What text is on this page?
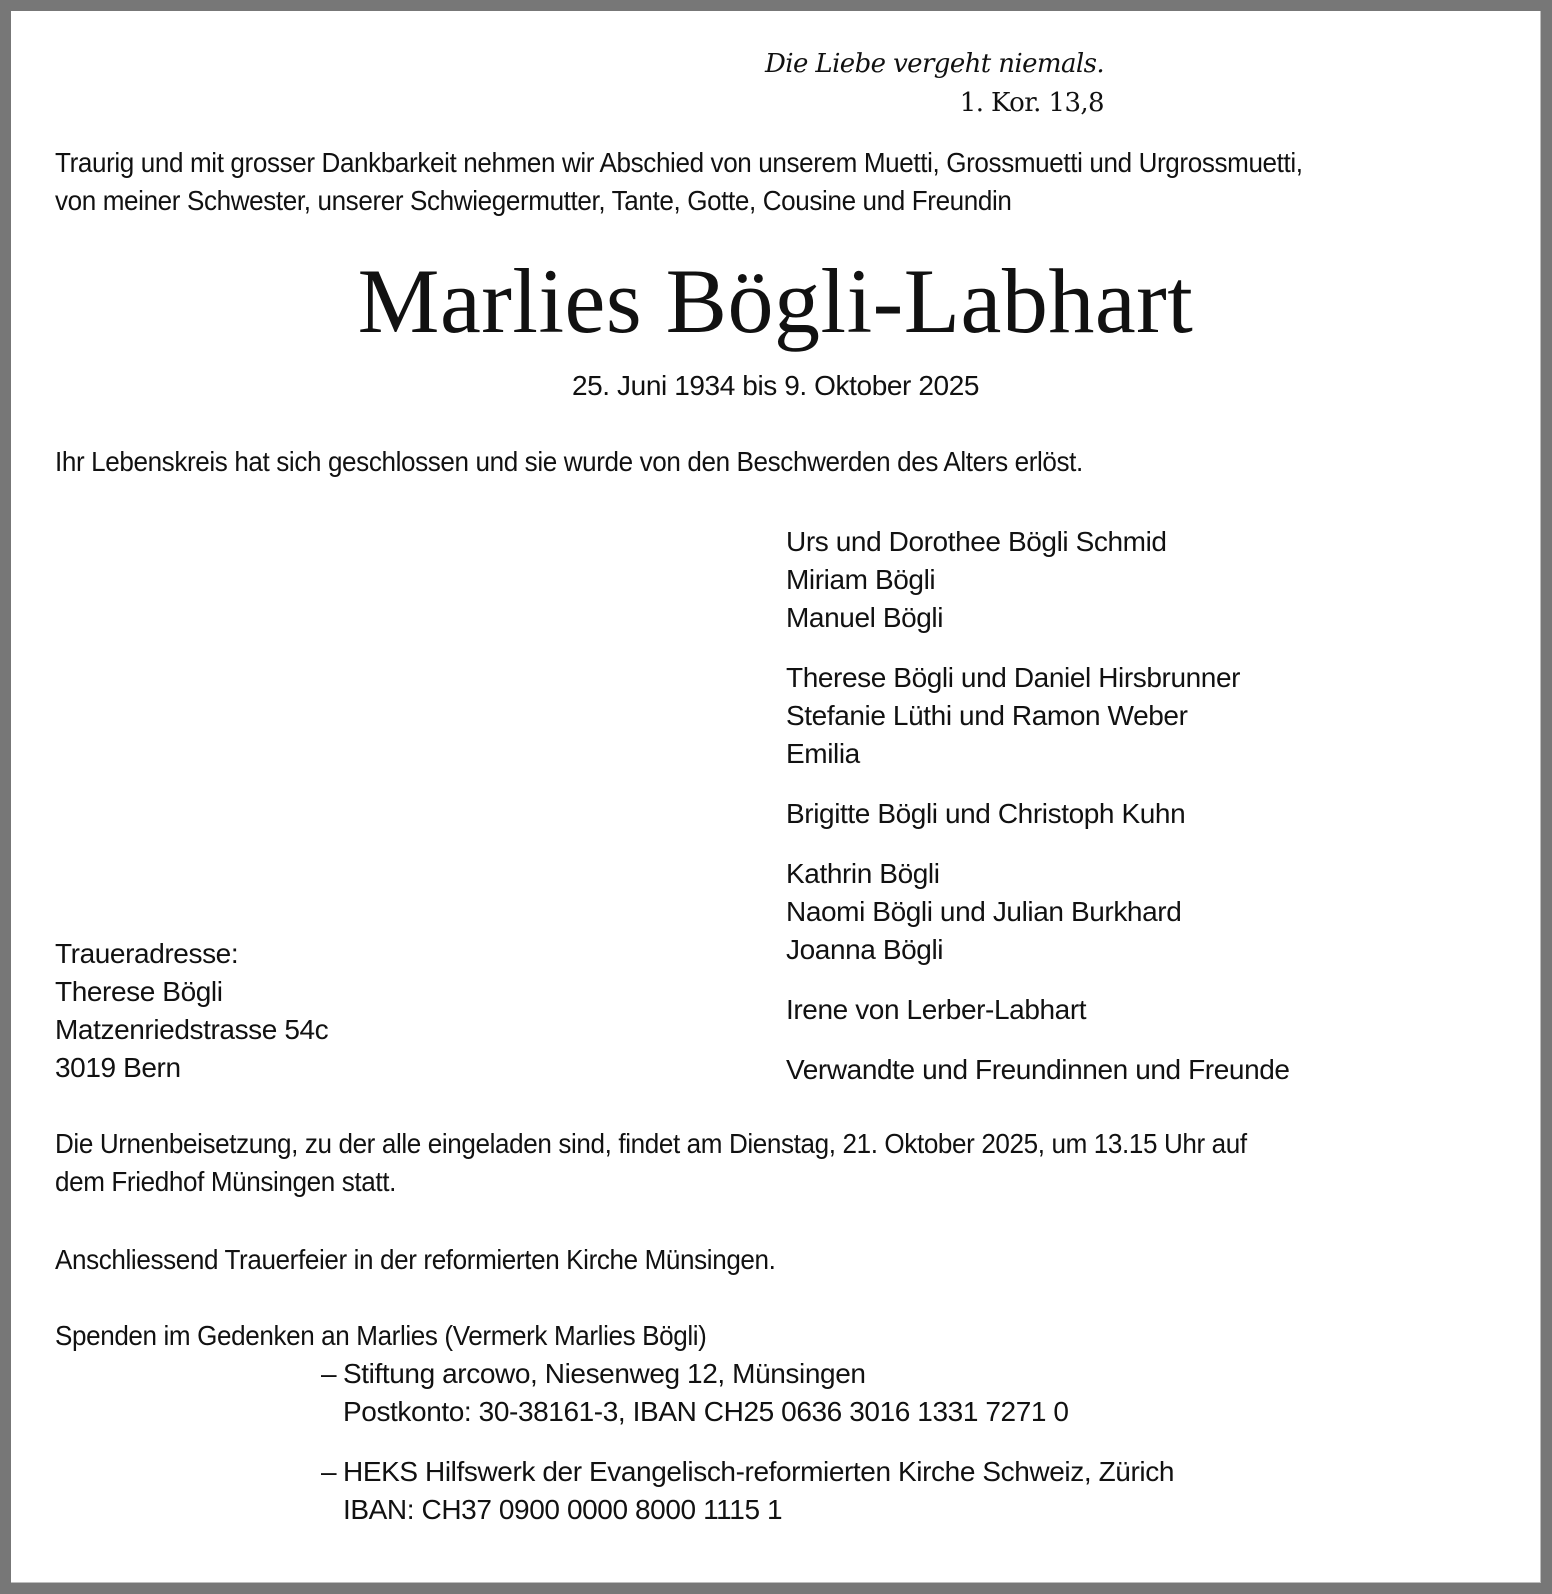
Die Liebe vergeht niemals.
1. Kor. 13,8
Traurig und mit grosser Dankbarkeit nehmen wir Abschied von unserem Muetti, Grossmuetti und Urgrossmuetti,
von meiner Schwester, unserer Schwiegermutter, Tante, Gotte, Cousine und Freundin
Marlies Bögli-Labhart
25. Juni 1934 bis 9. Oktober 2025
Ihr Lebenskreis hat sich geschlossen und sie wurde von den Beschwerden des Alters erlöst.
Urs und Dorothee Bögli Schmid
Miriam Bögli
Manuel Bögli
Therese Bögli und Daniel Hirsbrunner
Stefanie Lüthi und Ramon Weber
Emilia
Brigitte Bögli und Christoph Kuhn
Kathrin Bögli
Naomi Bögli und Julian Burkhard
Joanna Bögli
Irene von Lerber-Labhart
Verwandte und Freundinnen und Freunde
Traueradresse:
Therese Bögli
Matzenriedstrasse 54c
3019 Bern
Die Urnenbeisetzung, zu der alle eingeladen sind, findet am Dienstag, 21. Oktober 2025, um 13.15 Uhr auf
dem Friedhof Münsingen statt.
Anschliessend Trauerfeier in der reformierten Kirche Münsingen.
Spenden im Gedenken an Marlies (Vermerk Marlies Bögli)
– Stiftung arcowo, Niesenweg 12, Münsingen
Postkonto: 30-38161-3, IBAN CH25 0636 3016 1331 7271 0
– HEKS Hilfswerk der Evangelisch-reformierten Kirche Schweiz, Zürich
IBAN: CH37 0900 0000 8000 1115 1
